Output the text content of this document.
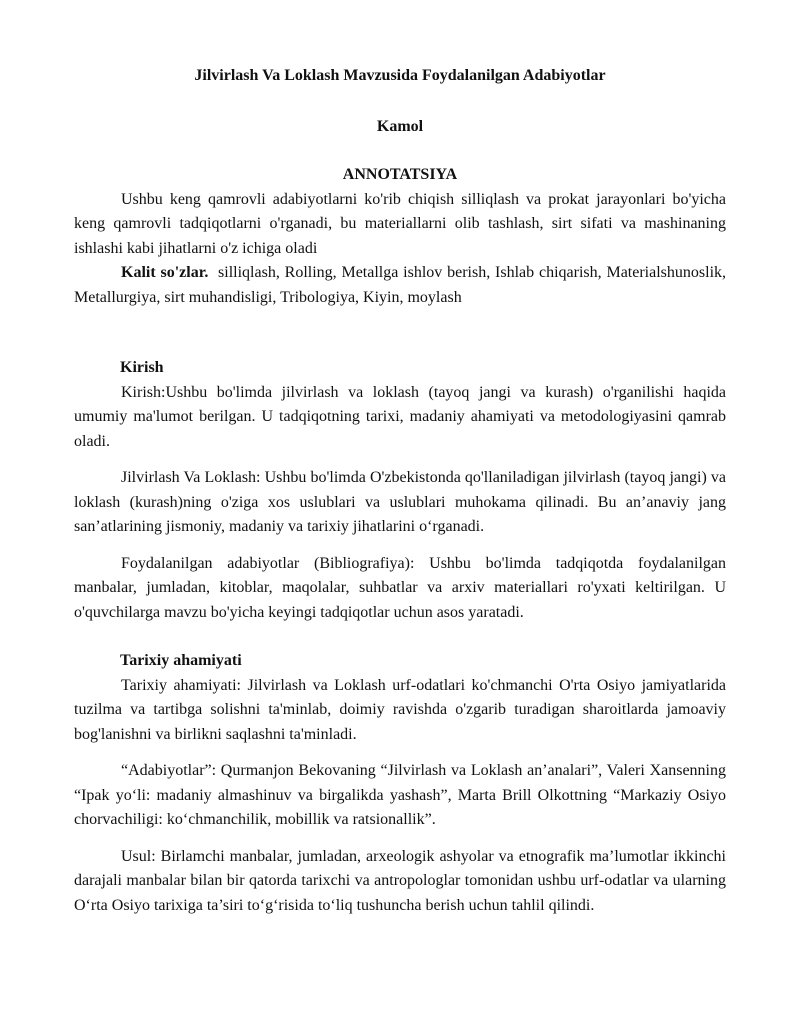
Jilvirlash Va Loklash Mavzusida Foydalanilgan Adabiyotlar
Kamol
ANNOTATSIYA

Ushbu keng qamrovli adabiyotlarni ko'rib chiqish silliqlash va prokat jarayonlari bo'yicha keng qamrovli tadqiqotlarni o'rganadi, bu materiallarni olib tashlash, sirt sifati va mashinaning ishlashi kabi jihatlarni o'z ichiga oladi

Kalit so'zlar. silliqlash, Rolling, Metallga ishlov berish, Ishlab chiqarish, Materialshunoslik, Metallurgiya, sirt muhandisligi, Tribologiya, Kiyin, moylash

Kirish

Kirish:Ushbu bo'limda jilvirlash va loklash (tayoq jangi va kurash) o'rganilishi haqida umumiy ma'lumot berilgan. U tadqiqotning tarixi, madaniy ahamiyati va metodologiyasini qamrab oladi.

Jilvirlash Va Loklash: Ushbu bo'limda O'zbekistonda qo'llaniladigan jilvirlash (tayoq jangi) va loklash (kurash)ning o'ziga xos uslublari va uslublari muhokama qilinadi. Bu an’anaviy jang san’atlarining jismoniy, madaniy va tarixiy jihatlarini o‘rganadi.

Foydalanilgan adabiyotlar (Bibliografiya): Ushbu bo'limda tadqiqotda foydalanilgan manbalar, jumladan, kitoblar, maqolalar, suhbatlar va arxiv materiallari ro'yxati keltirilgan. U o'quvchilarga mavzu bo'yicha keyingi tadqiqotlar uchun asos yaratadi.

Tarixiy ahamiyati

Tarixiy ahamiyati: Jilvirlash va Loklash urf-odatlari ko'chmanchi O'rta Osiyo jamiyatlarida tuzilma va tartibga solishni ta'minlab, doimiy ravishda o'zgarib turadigan sharoitlarda jamoaviy bog'lanishni va birlikni saqlashni ta'minladi.

“Adabiyotlar”: Qurmanjon Bekovaning “Jilvirlash va Loklash an’analari”, Valeri Xansenning “Ipak yo‘li: madaniy almashinuv va birgalikda yashash”, Marta Brill Olkottning “Markaziy Osiyo chorvachiligi: ko‘chmanchilik, mobillik va ratsionallik”.

Usul: Birlamchi manbalar, jumladan, arxeologik ashyolar va etnografik ma’lumotlar ikkinchi darajali manbalar bilan bir qatorda tarixchi va antropologlar tomonidan ushbu urf-odatlar va ularning O‘rta Osiyo tarixiga ta’siri to‘g‘risida to‘liq tushuncha berish uchun tahlil qilindi.
